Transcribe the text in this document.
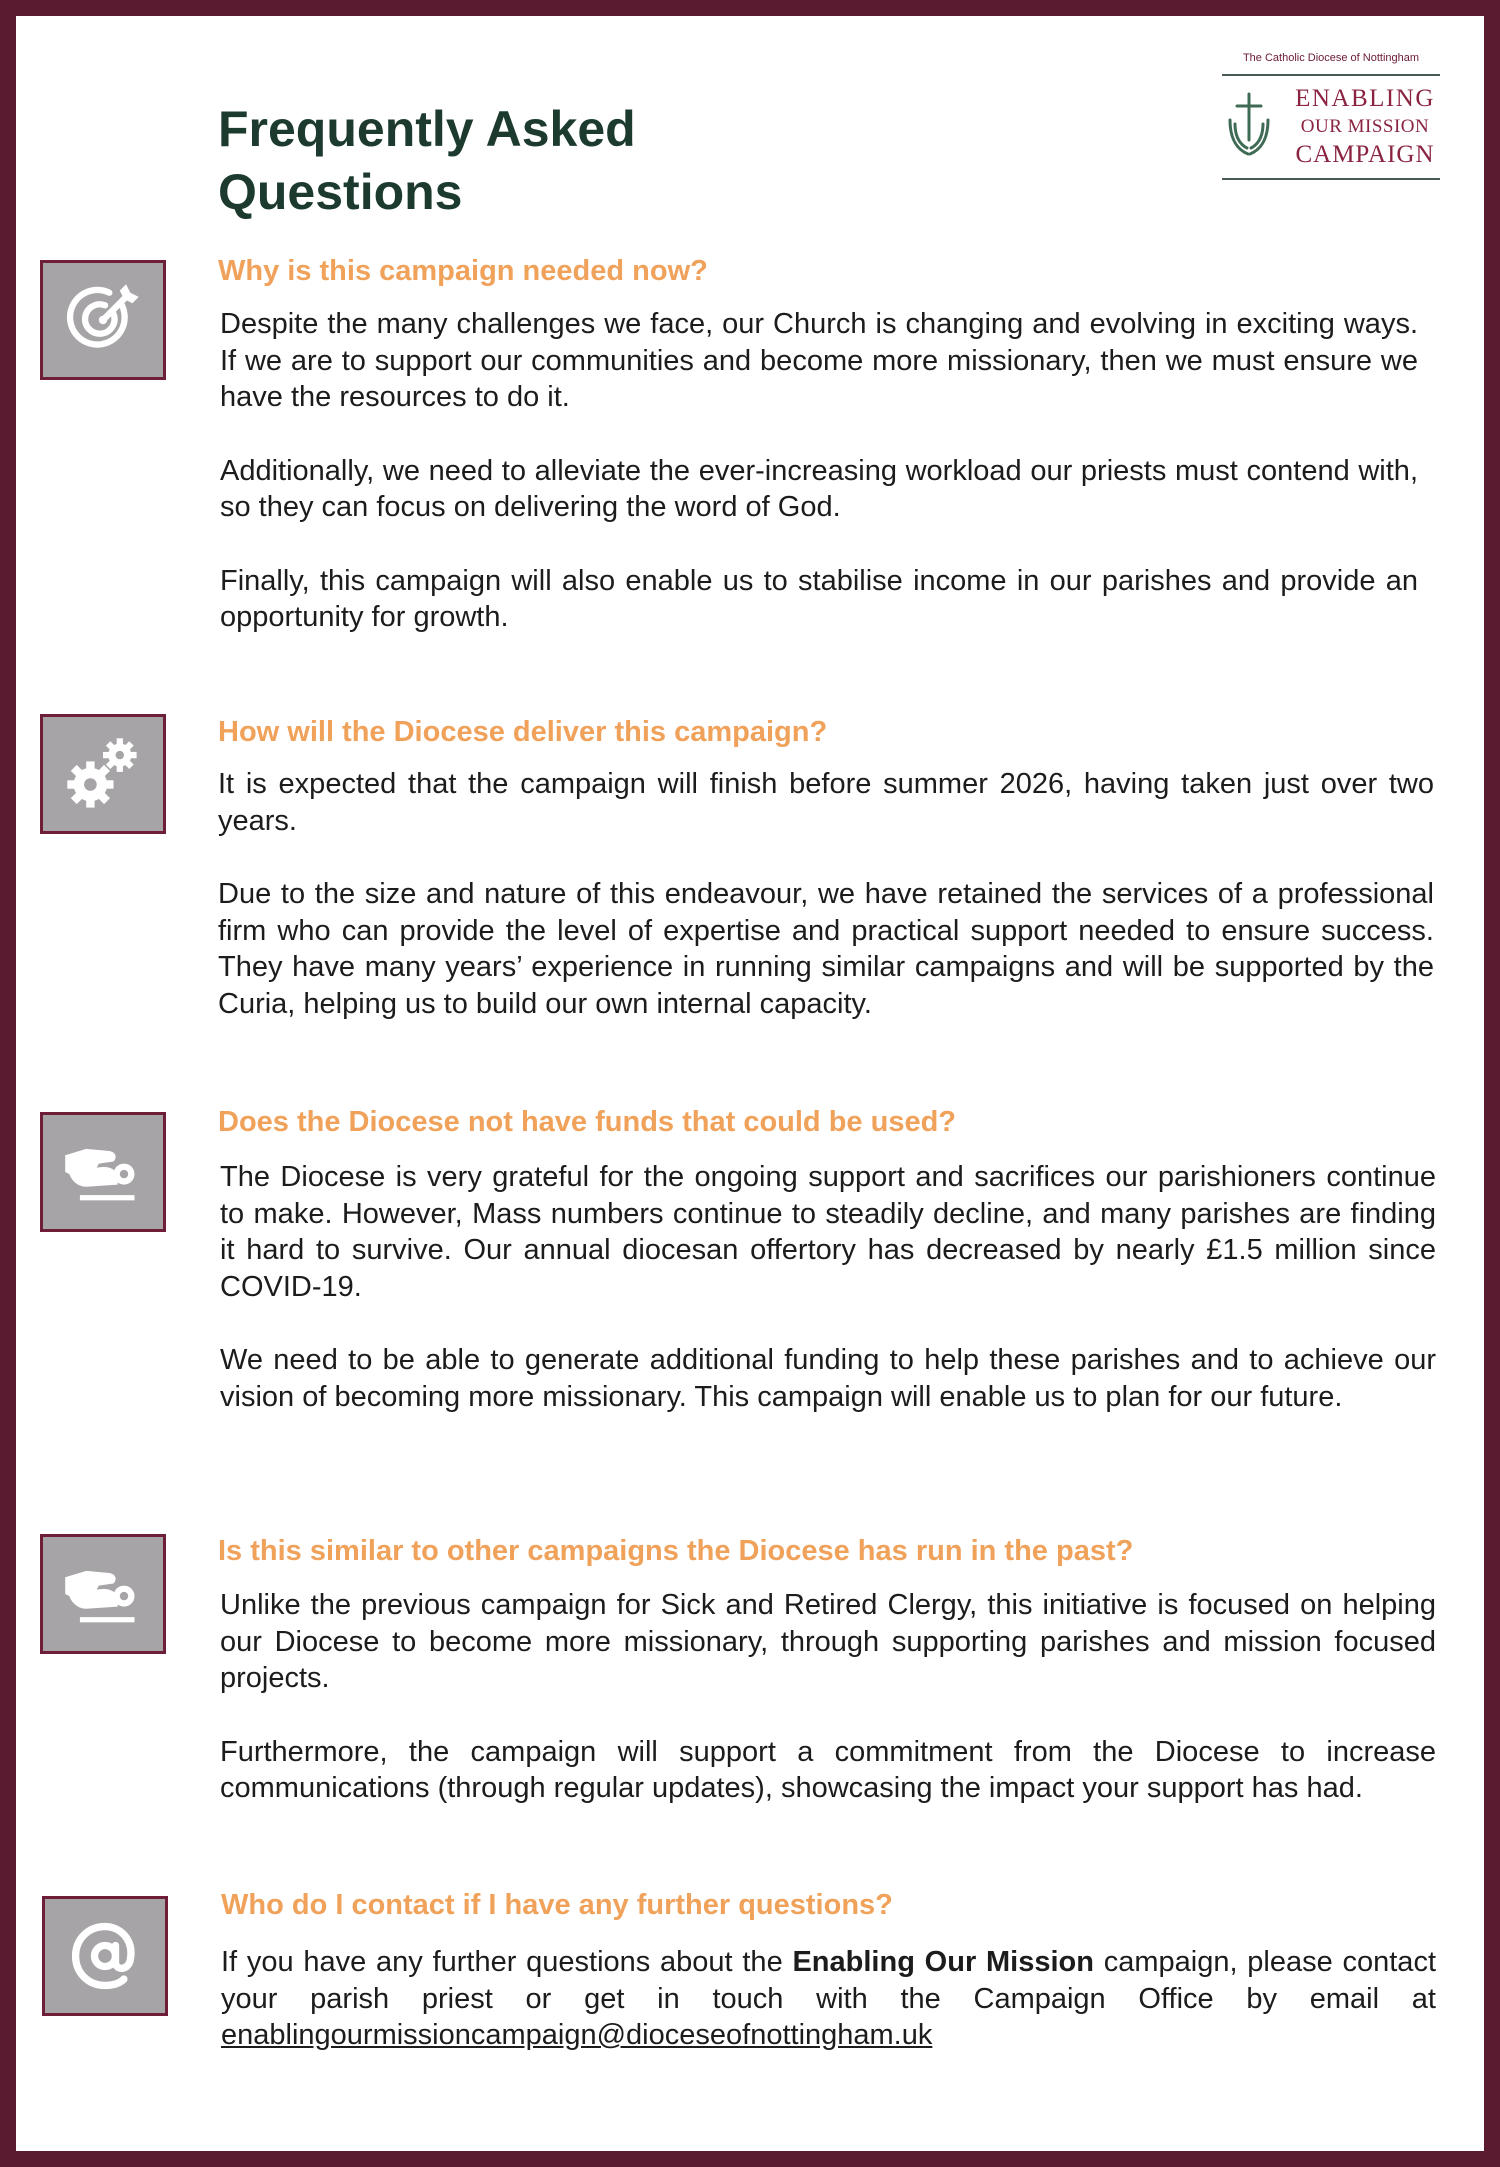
Frequently Asked
Questions
The Catholic Diocese of Nottingham
ENABLING
OUR MISSION
CAMPAIGN
Why is this campaign needed now?

Despite the many challenges we face, our Church is changing and evolving in exciting ways. If we are to support our communities and become more missionary, then we must ensure we have the resources to do it.

Additionally, we need to alleviate the ever-increasing workload our priests must contend with, so they can focus on delivering the word of God.

Finally, this campaign will also enable us to stabilise income in our parishes and provide an opportunity for growth.

How will the Diocese deliver this campaign?

It is expected that the campaign will finish before summer 2026, having taken just over two years.

Due to the size and nature of this endeavour, we have retained the services of a professional firm who can provide the level of expertise and practical support needed to ensure success. They have many years’ experience in running similar campaigns and will be supported by the Curia, helping us to build our own internal capacity.

Does the Diocese not have funds that could be used?

The Diocese is very grateful for the ongoing support and sacrifices our parishioners continue to make. However, Mass numbers continue to steadily decline, and many parishes are finding it hard to survive. Our annual diocesan offertory has decreased by nearly £1.5 million since COVID-19.

We need to be able to generate additional funding to help these parishes and to achieve our vision of becoming more missionary. This campaign will enable us to plan for our future.

Is this similar to other campaigns the Diocese has run in the past?

Unlike the previous campaign for Sick and Retired Clergy, this initiative is focused on helping our Diocese to become more missionary, through supporting parishes and mission focused projects.

Furthermore, the campaign will support a commitment from the Diocese to increase communications (through regular updates), showcasing the impact your support has had.

Who do I contact if I have any further questions?

If you have any further questions about the Enabling Our Mission campaign, please contact your parish priest or get in touch with the Campaign Office by email at enablingourmissioncampaign@dioceseofnottingham.uk
